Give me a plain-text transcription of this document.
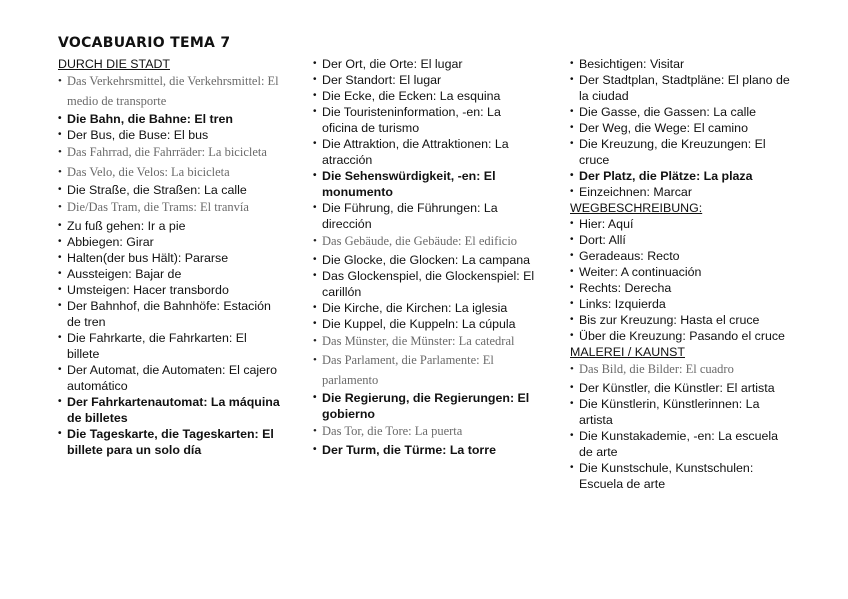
VOCABUARIO TEMA 7
DURCH DIE STADT
• Das Verkehrsmittel, die Verkehrsmittel: El medio de transporte
• Die Bahn, die Bahne: El tren
• Der Bus, die Buse: El bus
• Das Fahrrad, die Fahrräder: La bicicleta
• Das Velo, die Velos: La bicicleta
• Die Straße, die Straßen: La calle
• Die/Das Tram, die Trams: El tranvía
• Zu fuß gehen: Ir a pie
• Abbiegen: Girar
• Halten(der bus Hält): Pararse
• Aussteigen: Bajar de
• Umsteigen: Hacer transbordo
• Der Bahnhof, die Bahnhöfe: Estación de tren
• Die Fahrkarte, die Fahrkarten: El billete
• Der Automat, die Automaten: El cajero automático
• Der Fahrkartenautomat: La máquina de billetes
• Die Tageskarte, die Tageskarten: El billete para un solo día
• Der Ort, die Orte: El lugar
• Der Standort: El lugar
• Die Ecke, die Ecken: La esquina
• Die Touristeninformation, -en: La oficina de turismo
• Die Attraktion, die Attraktionen: La atracción
• Die Sehenswürdigkeit, -en: El monumento
• Die Führung, die Führungen: La dirección
• Das Gebäude, die Gebäude: El edificio
• Die Glocke, die Glocken: La campana
• Das Glockenspiel, die Glockenspiel: El carillón
• Die Kirche, die Kirchen: La iglesia
• Die Kuppel, die Kuppeln: La cúpula
• Das Münster, die Münster: La catedral
• Das Parlament, die Parlamente: El parlamento
• Die Regierung, die Regierungen: El gobierno
• Das Tor, die Tore: La puerta
• Der Turm, die Türme: La torre
• Besichtigen: Visitar
• Der Stadtplan, Stadtpläne: El plano de la ciudad
• Die Gasse, die Gassen: La calle
• Der Weg, die Wege: El camino
• Die Kreuzung, die Kreuzungen: El cruce
• Der Platz, die Plätze: La plaza
• Einzeichnen: Marcar
WEGBESCHREIBUNG:
• Hier: Aquí
• Dort: Allí
• Geradeaus: Recto
• Weiter: A continuación
• Rechts: Derecha
• Links: Izquierda
• Bis zur Kreuzung: Hasta el cruce
• Über die Kreuzung: Pasando el cruce
MALEREI / KAUNST
• Das Bild, die Bilder: El cuadro
• Der Künstler, die Künstler: El artista
• Die Künstlerin, Künstlerinnen: La artista
• Die Kunstakademie, -en: La escuela de arte
• Die Kunstschule, Kunstschulen: Escuela de arte
